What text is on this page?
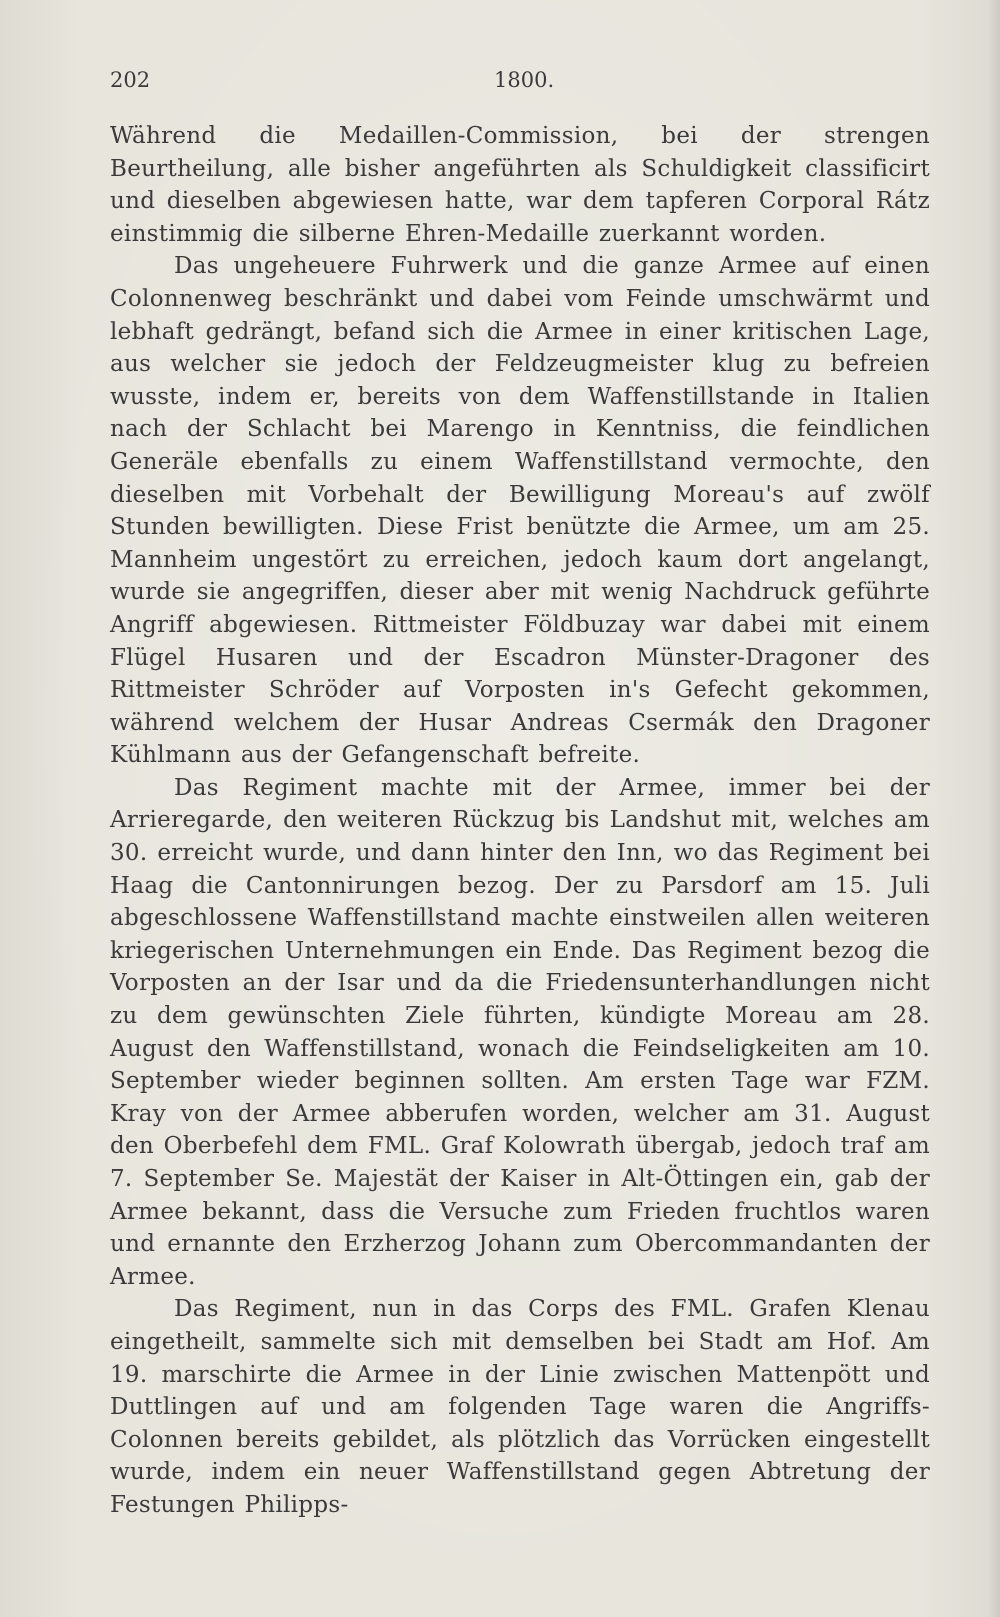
202	1800.

Während die Medaillen-Commission, bei der strengen Beurtheilung, alle bisher angeführten als Schuldigkeit classificirt und dieselben abgewiesen hatte, war dem tapferen Corporal Rátz einstimmig die silberne Ehren-Medaille zuerkannt worden.

Das ungeheuere Fuhrwerk und die ganze Armee auf einen Colonnenweg beschränkt und dabei vom Feinde umschwärmt und lebhaft gedrängt, befand sich die Armee in einer kritischen Lage, aus welcher sie jedoch der Feldzeugmeister klug zu befreien wusste, indem er, bereits von dem Waffenstillstande in Italien nach der Schlacht bei Marengo in Kenntniss, die feindlichen Generäle ebenfalls zu einem Waffenstillstand vermochte, den dieselben mit Vorbehalt der Bewilligung Moreau's auf zwölf Stunden bewilligten. Diese Frist benützte die Armee, um am 25. Mannheim ungestört zu erreichen, jedoch kaum dort angelangt, wurde sie angegriffen, dieser aber mit wenig Nachdruck geführte Angriff abgewiesen. Rittmeister Földbuzay war dabei mit einem Flügel Husaren und der Escadron Münster-Dragoner des Rittmeister Schröder auf Vorposten in's Gefecht gekommen, während welchem der Husar Andreas Csermák den Dragoner Kühlmann aus der Gefangenschaft befreite.

Das Regiment machte mit der Armee, immer bei der Arrieregarde, den weiteren Rückzug bis Landshut mit, welches am 30. erreicht wurde, und dann hinter den Inn, wo das Regiment bei Haag die Cantonnirungen bezog. Der zu Parsdorf am 15. Juli abgeschlossene Waffenstillstand machte einstweilen allen weiteren kriegerischen Unternehmungen ein Ende. Das Regiment bezog die Vorposten an der Isar und da die Friedensunterhandlungen nicht zu dem gewünschten Ziele führten, kündigte Moreau am 28. August den Waffenstillstand, wonach die Feindseligkeiten am 10. September wieder beginnen sollten. Am ersten Tage war FZM. Kray von der Armee abberufen worden, welcher am 31. August den Oberbefehl dem FML. Graf Kolowrath übergab, jedoch traf am 7. September Se. Majestät der Kaiser in Alt-Öttingen ein, gab der Armee bekannt, dass die Versuche zum Frieden fruchtlos waren und ernannte den Erzherzog Johann zum Obercommandanten der Armee.

Das Regiment, nun in das Corps des FML. Grafen Klenau eingetheilt, sammelte sich mit demselben bei Stadt am Hof. Am 19. marschirte die Armee in der Linie zwischen Mattenpött und Duttlingen auf und am folgenden Tage waren die Angriffs-Colonnen bereits gebildet, als plötzlich das Vorrücken eingestellt wurde, indem ein neuer Waffenstillstand gegen Abtretung der Festungen Philipps-
